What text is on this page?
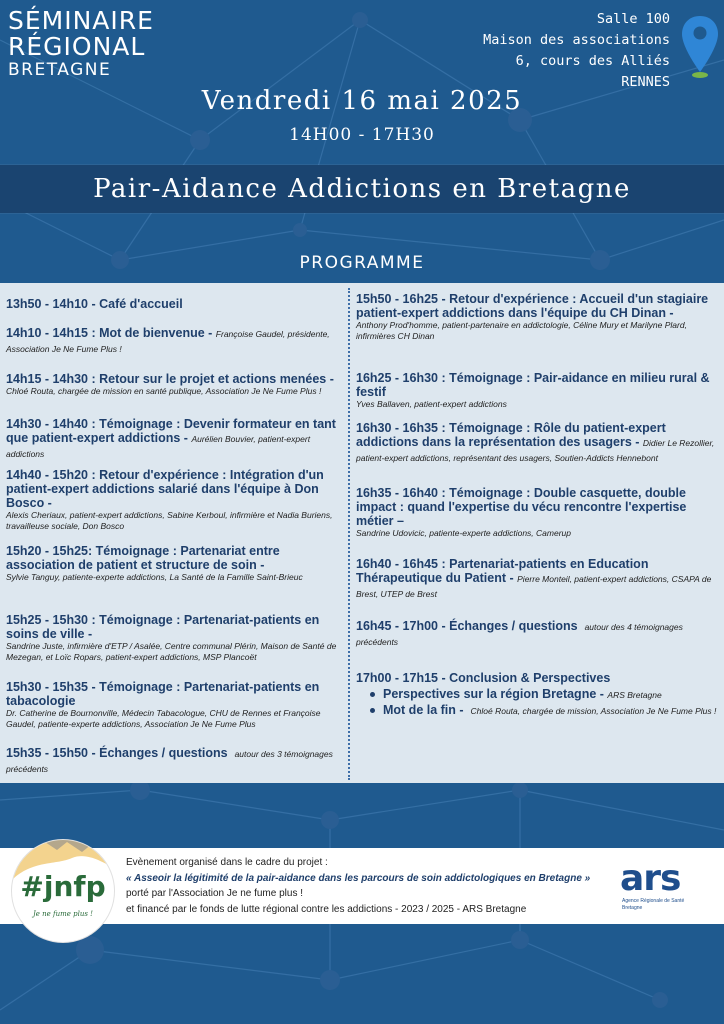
SÉMINAIRE
RÉGIONAL
BRETAGNE
Salle 100
Maison des associations
6, cours des Alliés
RENNES
Vendredi 16 mai 2025
14H00 - 17H30
Pair-Aidance Addictions en Bretagne
PROGRAMME
13h50 - 14h10 - Café d'accueil
14h10 - 14h15 : Mot de bienvenue - Françoise Gaudel, présidente, Association Je Ne Fume Plus !
14h15 - 14h30 : Retour sur le projet et actions menées -
Chloé Routa, chargée de mission en santé publique, Association Je Ne Fume Plus !
14h30 - 14h40 : Témoignage : Devenir formateur en tant que patient-expert addictions - Aurélien Bouvier, patient-expert addictions
14h40 - 15h20 : Retour d'expérience : Intégration d'un patient-expert addictions salarié dans l'équipe à Don Bosco -
Alexis Cheriaux, patient-expert addictions, Sabine Kerboul, infirmière et Nadia Buriens, travailleuse sociale, Don Bosco
15h20 - 15h25: Témoignage : Partenariat entre association de patient et structure de soin -
Sylvie Tanguy, patiente-experte addictions, La Santé de la Famille Saint-Brieuc
15h25 - 15h30 : Témoignage : Partenariat-patients en soins de ville -
Sandrine Juste, infirmière d'ETP / Asalée, Centre communal Plérin, Maison de Santé de Mezegan, et Loïc Ropars, patient-expert addictions, MSP Plancoët
15h30 - 15h35 - Témoignage : Partenariat-patients en tabacologie
Dr. Catherine de Bournonville, Médecin Tabacologue, CHU de Rennes et Françoise Gaudel, patiente-experte addictions, Association Je Ne Fume Plus
15h35 - 15h50 - Échanges / questions autour des 3 témoignages précédents
15h50 - 16h25 - Retour d'expérience : Accueil d'un stagiaire patient-expert addictions dans l'équipe du CH Dinan -
Anthony Prod'homme, patient-partenaire en addictologie, Céline Mury et Marilyne Plard, infirmières CH Dinan
16h25 - 16h30 : Témoignage : Pair-aidance en milieu rural & festif
Yves Ballaven, patient-expert addictions
16h30 - 16h35 : Témoignage : Rôle du patient-expert addictions dans la représentation des usagers - Didier Le Rezollier, patient-expert addictions, représentant des usagers, Soutien-Addicts Hennebont
16h35 - 16h40 : Témoignage : Double casquette, double impact : quand l'expertise du vécu rencontre l'expertise métier –
Sandrine Udovicic, patiente-experte addictions, Camerup
16h40 - 16h45 : Partenariat-patients en Education Thérapeutique du Patient - Pierre Monteil, patient-expert addictions, CSAPA de Brest, UTEP de Brest
16h45 - 17h00 - Échanges / questions autour des 4 témoignages précédents
17h00 - 17h15 - Conclusion & Perspectives
Perspectives sur la région Bretagne - ARS Bretagne
Mot de la fin - Chloé Routa, chargée de mission, Association Je Ne Fume Plus !
#jnfp
Je ne fume plus !
Evènement organisé dans le cadre du projet :
« Asseoir la légitimité de la pair-aidance dans les parcours de soin addictologiques en Bretagne »
porté par l'Association Je ne fume plus !
et financé par le fonds de lutte régional contre les addictions - 2023 / 2025 - ARS Bretagne
ars
Agence Régionale de Santé
Bretagne
